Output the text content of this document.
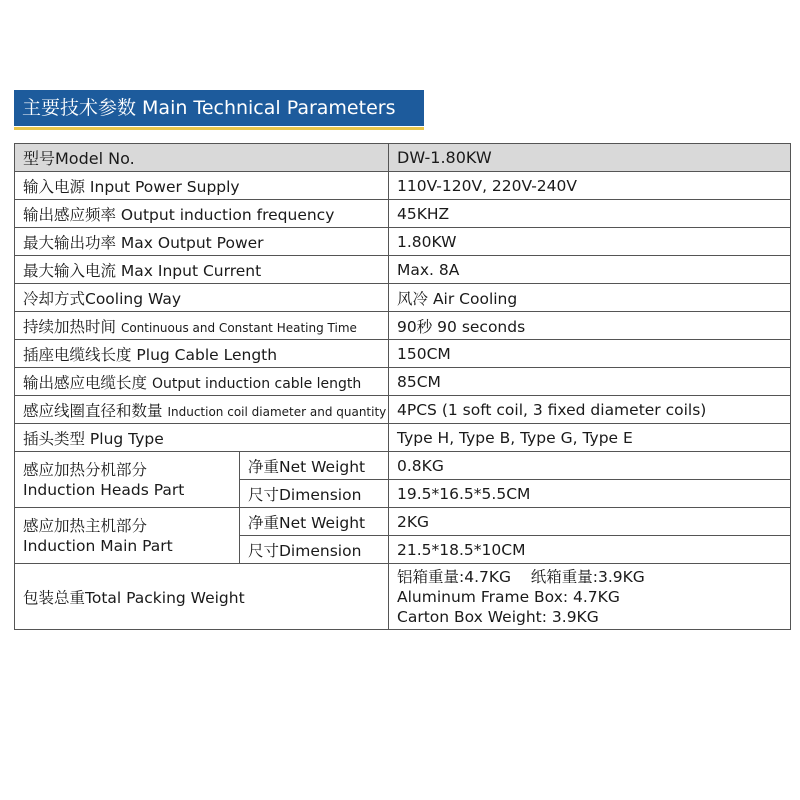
主要技术参数 Main Technical Parameters
型号Model No.		DW-1.80KW
输入电源 Input Power Supply		110V-120V, 220V-240V
输出感应频率 Output induction frequency		45KHZ
最大输出功率 Max Output Power		1.80KW
最大输入电流 Max Input Current		Max. 8A
冷却方式Cooling Way		风冷 Air Cooling
持续加热时间 Continuous and Constant Heating Time		90秒 90 seconds
插座电缆线长度 Plug Cable Length		150CM
输出感应电缆长度 Output induction cable length		85CM
感应线圈直径和数量 Induction coil diameter and quantity		4PCS (1 soft coil, 3 fixed diameter coils)
插头类型 Plug Type		Type H, Type B, Type G, Type E

感应加热分机部分
Induction Heads Part	净重Net Weight	0.8KG
	尺寸Dimension	19.5*16.5*5.5CM

感应加热主机部分
Induction Main Part	净重Net Weight	2KG
	尺寸Dimension	21.5*18.5*10CM
包装总重Total Packing Weight		铝箱重量:4.7KG    纸箱重量:3.9KG
Aluminum Frame Box: 4.7KG
Carton Box Weight: 3.9KG
